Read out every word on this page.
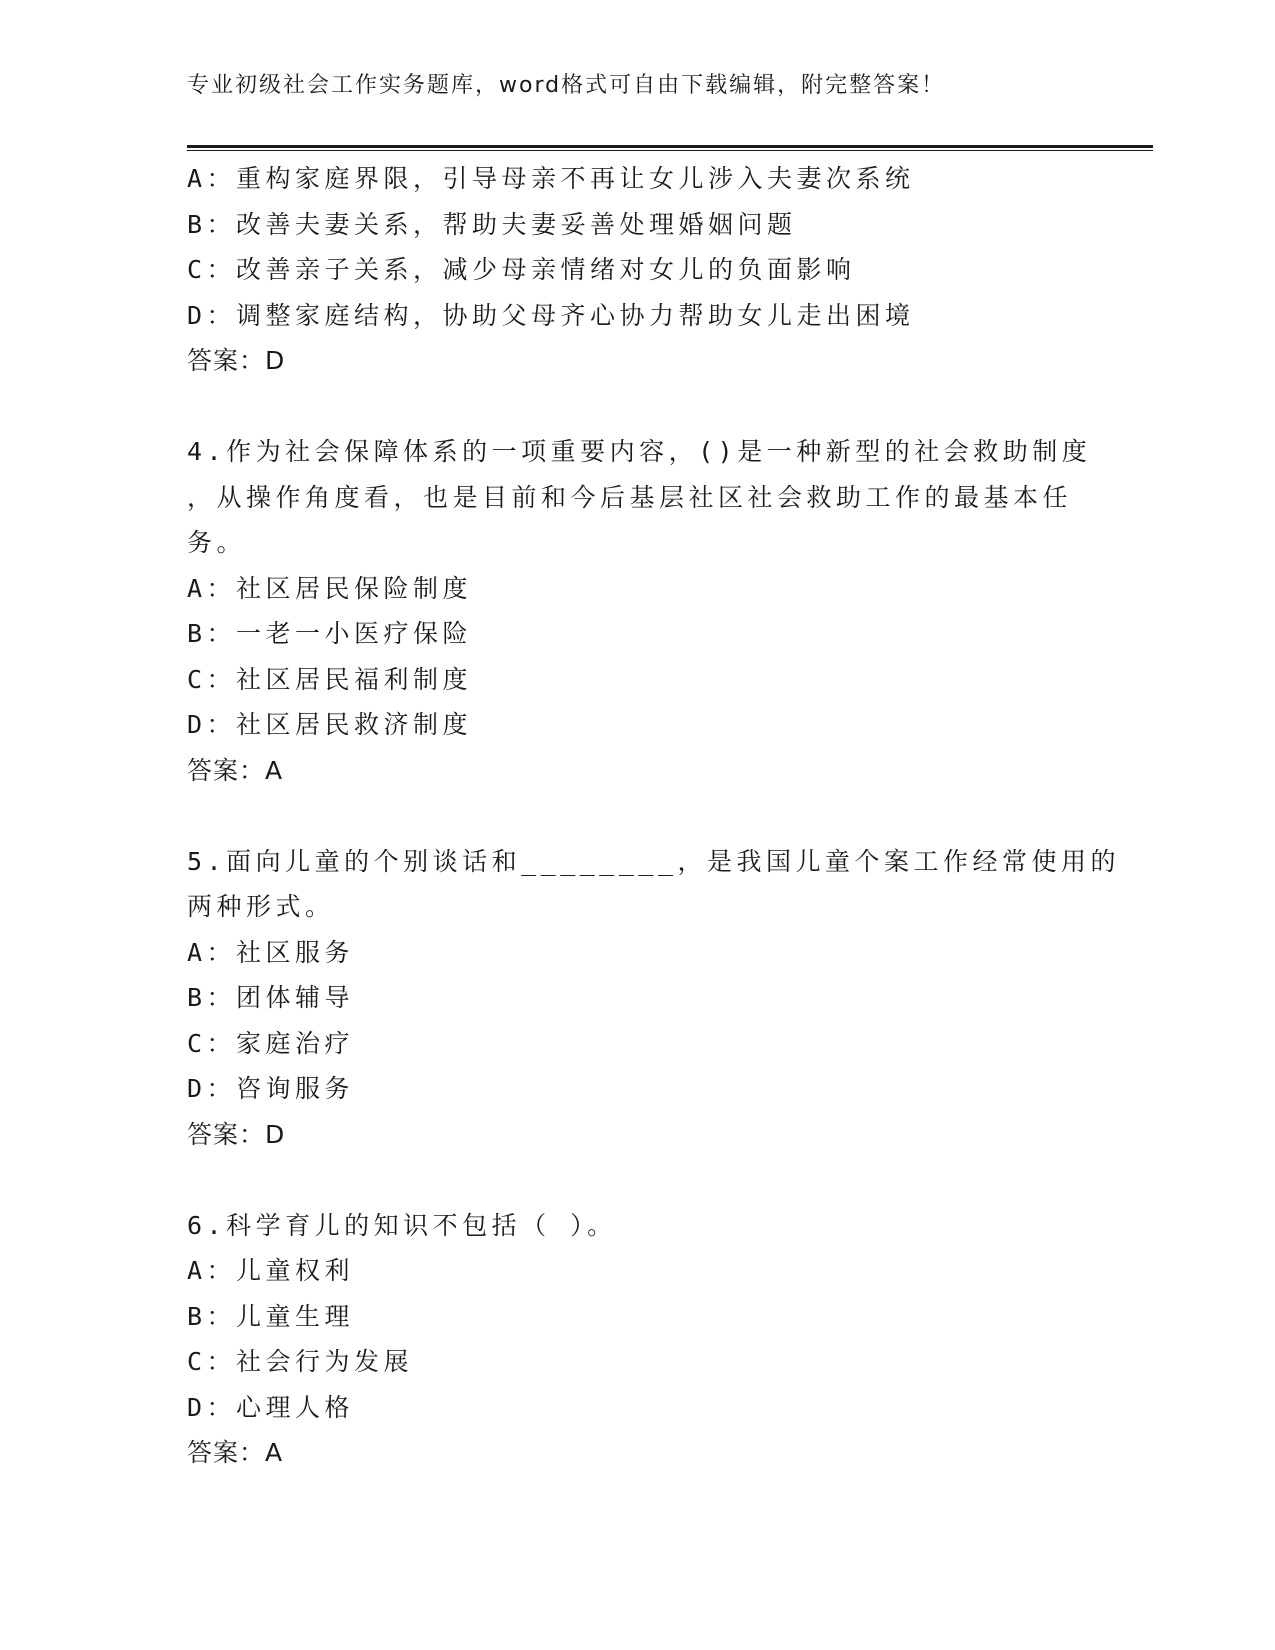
专业初级社会工作实务题库，word格式可自由下载编辑，附完整答案！
A：重构家庭界限，引导母亲不再让女儿涉入夫妻次系统
B：改善夫妻关系，帮助夫妻妥善处理婚姻问题
C：改善亲子关系，减少母亲情绪对女儿的负面影响
D：调整家庭结构，协助父母齐心协力帮助女儿走出困境
答案：D
4.作为社会保障体系的一项重要内容，()是一种新型的社会救助制度
，从操作角度看，也是目前和今后基层社区社会救助工作的最基本任
务。
A：社区居民保险制度
B：一老一小医疗保险
C：社区居民福利制度
D：社区居民救济制度
答案：A
5.面向儿童的个别谈话和________，是我国儿童个案工作经常使用的
两种形式。
A：社区服务
B：团体辅导
C：家庭治疗
D：咨询服务
答案：D
6.科学育儿的知识不包括（ ）。
A：儿童权利
B：儿童生理
C：社会行为发展
D：心理人格
答案：A
